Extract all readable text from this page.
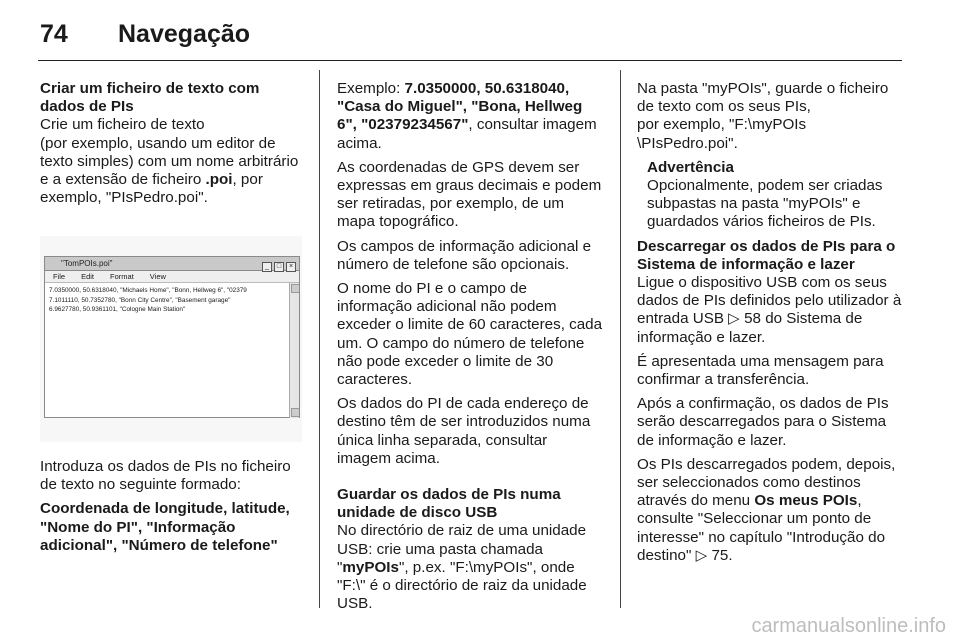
74 Navegação
Criar um ficheiro de texto com dados de PIs

Crie um ficheiro de texto
(por exemplo, usando um editor de texto simples) com um nome arbitrário e a extensão de ficheiro .poi, por exemplo, "PIsPedro.poi".

"TomPOIs.poi"	_ □ ×
File Edit Format View
7.0350000, 50.6318040, "Michaels Home", "Bonn, Hellweg 6", "02379
7.1011110, 50.7352780, "Bonn City Centre", "Basement garage"
6.9627780, 50.9361101, "Cologne Main Station"

Introduza os dados de PIs no ficheiro de texto no seguinte formado:

Coordenada de longitude, latitude, "Nome do PI", "Informação adicional", "Número de telefone"

Exemplo: 7.0350000, 50.6318040, "Casa do Miguel", "Bona, Hellweg 6", "02379234567", consultar imagem acima.

As coordenadas de GPS devem ser expressas em graus decimais e podem ser retiradas, por exemplo, de um mapa topográfico.

Os campos de informação adicional e número de telefone são opcionais.

O nome do PI e o campo de informação adicional não podem exceder o limite de 60 caracteres, cada um. O campo do número de telefone não pode exceder o limite de 30 caracteres.

Os dados do PI de cada endereço de destino têm de ser introduzidos numa única linha separada, consultar imagem acima.

Guardar os dados de PIs numa unidade de disco USB

No directório de raiz de uma unidade USB: crie uma pasta chamada "myPOIs", p.ex. "F:\myPOIs", onde "F:\" é o directório de raiz da unidade USB.

Na pasta "myPOIs", guarde o ficheiro de texto com os seus PIs,
por exemplo, "F:\myPOIs
\PIsPedro.poi".

Advertência
Opcionalmente, podem ser criadas subpastas na pasta "myPOIs" e guardados vários ficheiros de PIs.
Descarregar os dados de PIs para o Sistema de informação e lazer

Ligue o dispositivo USB com os seus dados de PIs definidos pelo utilizador à entrada USB ▷ 58 do Sistema de informação e lazer.

É apresentada uma mensagem para confirmar a transferência.

Após a confirmação, os dados de PIs serão descarregados para o Sistema de informação e lazer.

Os PIs descarregados podem, depois, ser seleccionados como destinos através do menu Os meus POIs, consulte "Seleccionar um ponto de interesse" no capítulo "Introdução do destino" ▷ 75.

carmanualsonline.info
